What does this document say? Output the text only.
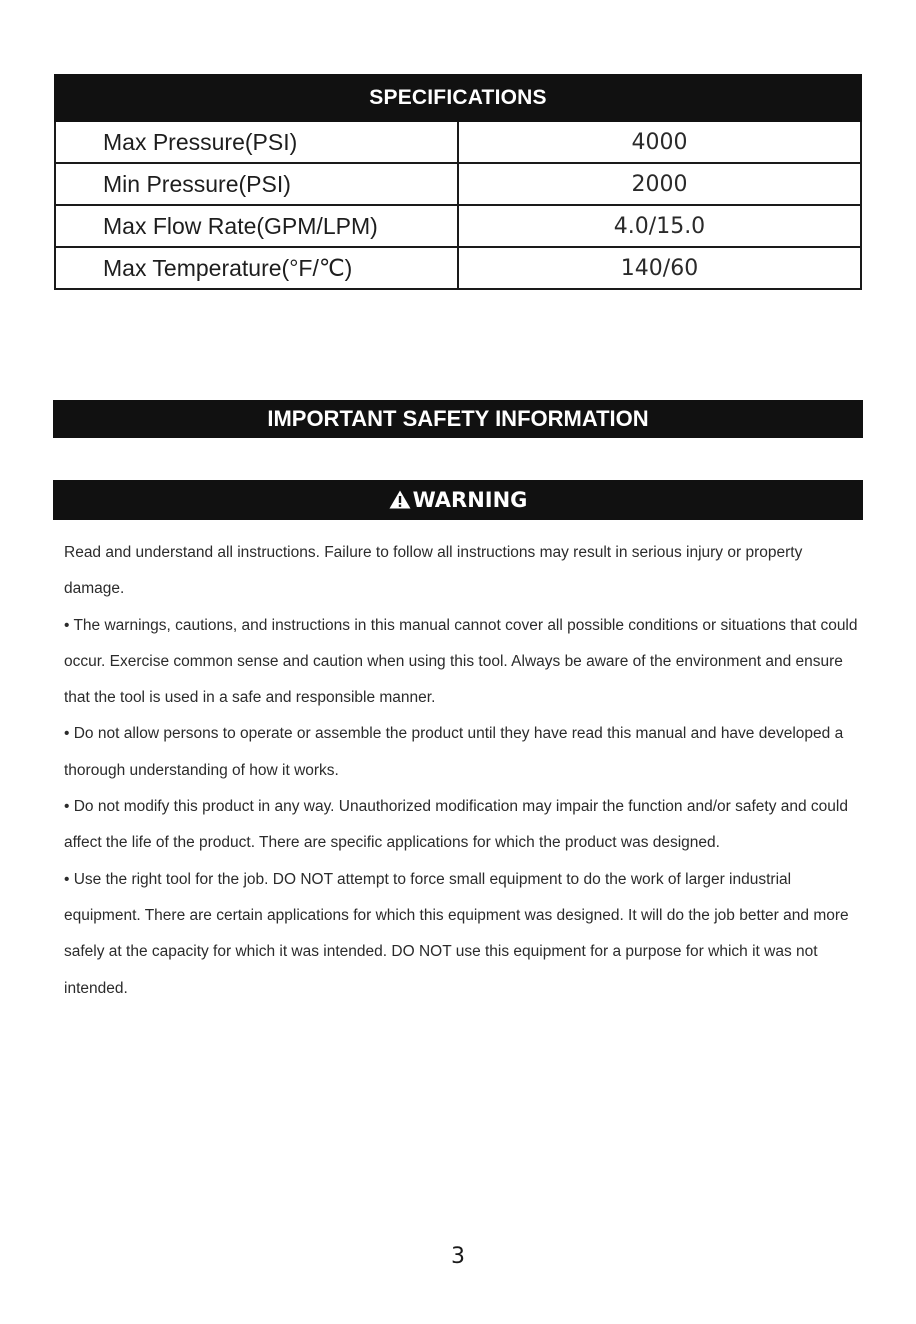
SPECIFICATIONS	
Max Pressure(PSI)	4000
Min Pressure(PSI)	2000
Max Flow Rate(GPM/LPM)	4.0/15.0
Max Temperature(°F/℃)	140/60
IMPORTANT SAFETY INFORMATION
WARNING

Read and understand all instructions. Failure to follow all instructions may result in serious injury or property damage.

• The warnings, cautions, and instructions in this manual cannot cover all possible conditions or situations that could occur. Exercise common sense and caution when using this tool. Always be aware of the environment and ensure that the tool is used in a safe and responsible manner.

• Do not allow persons to operate or assemble the product until they have read this manual and have developed a thorough understanding of how it works.

• Do not modify this product in any way. Unauthorized modification may impair the function and/or safety and could affect the life of the product. There are specific applications for which the product was designed.

• Use the right tool for the job. DO NOT attempt to force small equipment to do the work of larger industrial equipment. There are certain applications for which this equipment was designed. It will do the job better and more safely at the capacity for which it was intended. DO NOT use this equipment for a purpose for which it was not intended.

3
